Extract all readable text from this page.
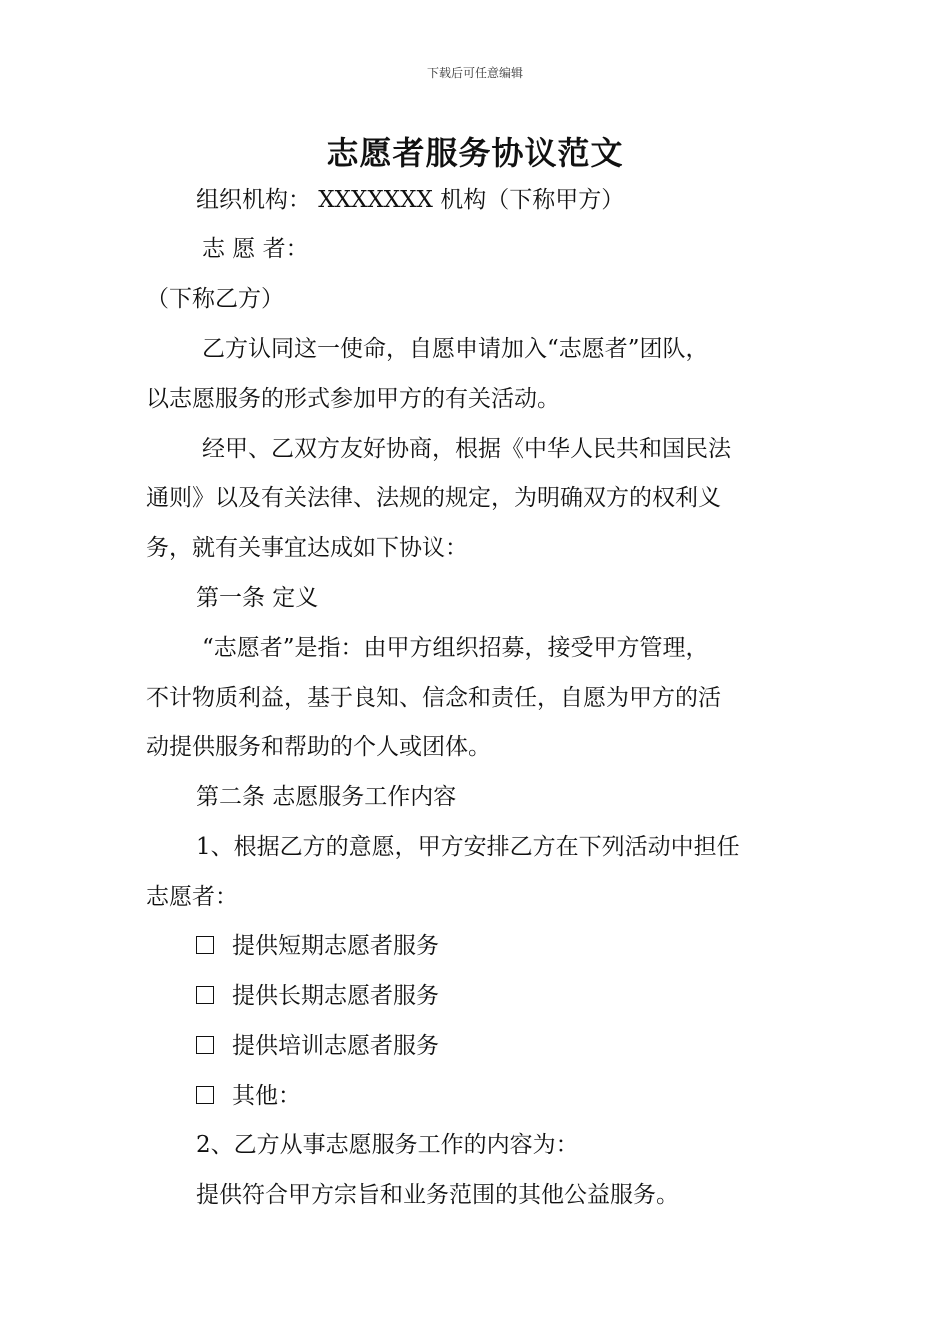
下载后可任意编辑
志愿者服务协议范文
组织机构： XXXXXXX 机构（下称甲方）
志 愿 者：
（下称乙方）
乙方认同这一使命，自愿申请加入“志愿者”团队，
以志愿服务的形式参加甲方的有关活动。
经甲、乙双方友好协商，根据《中华人民共和国民法
通则》以及有关法律、法规的规定，为明确双方的权利义
务，就有关事宜达成如下协议：
第一条 定义
“志愿者”是指：由甲方组织招募，接受甲方管理，
不计物质利益，基于良知、信念和责任，自愿为甲方的活
动提供服务和帮助的个人或团体。
第二条 志愿服务工作内容
1、根据乙方的意愿，甲方安排乙方在下列活动中担任
志愿者：
提供短期志愿者服务
提供长期志愿者服务
提供培训志愿者服务
其他：
2、乙方从事志愿服务工作的内容为：
提供符合甲方宗旨和业务范围的其他公益服务。
